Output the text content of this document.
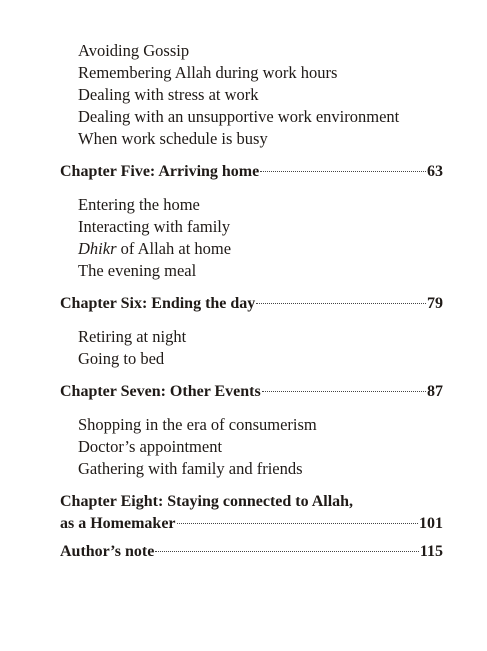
Avoiding Gossip
Remembering Allah during work hours
Dealing with stress at work
Dealing with an unsupportive work environment
When work schedule is busy
Chapter Five: Arriving home	63
Entering the home
Interacting with family
Dhikr of Allah at home
The evening meal
Chapter Six: Ending the day	79
Retiring at night
Going to bed
Chapter Seven: Other Events	87
Shopping in the era of consumerism
Doctor’s appointment
Gathering with family and friends
Chapter Eight: Staying connected to Allah,
as a Homemaker	101
Author’s note	115
